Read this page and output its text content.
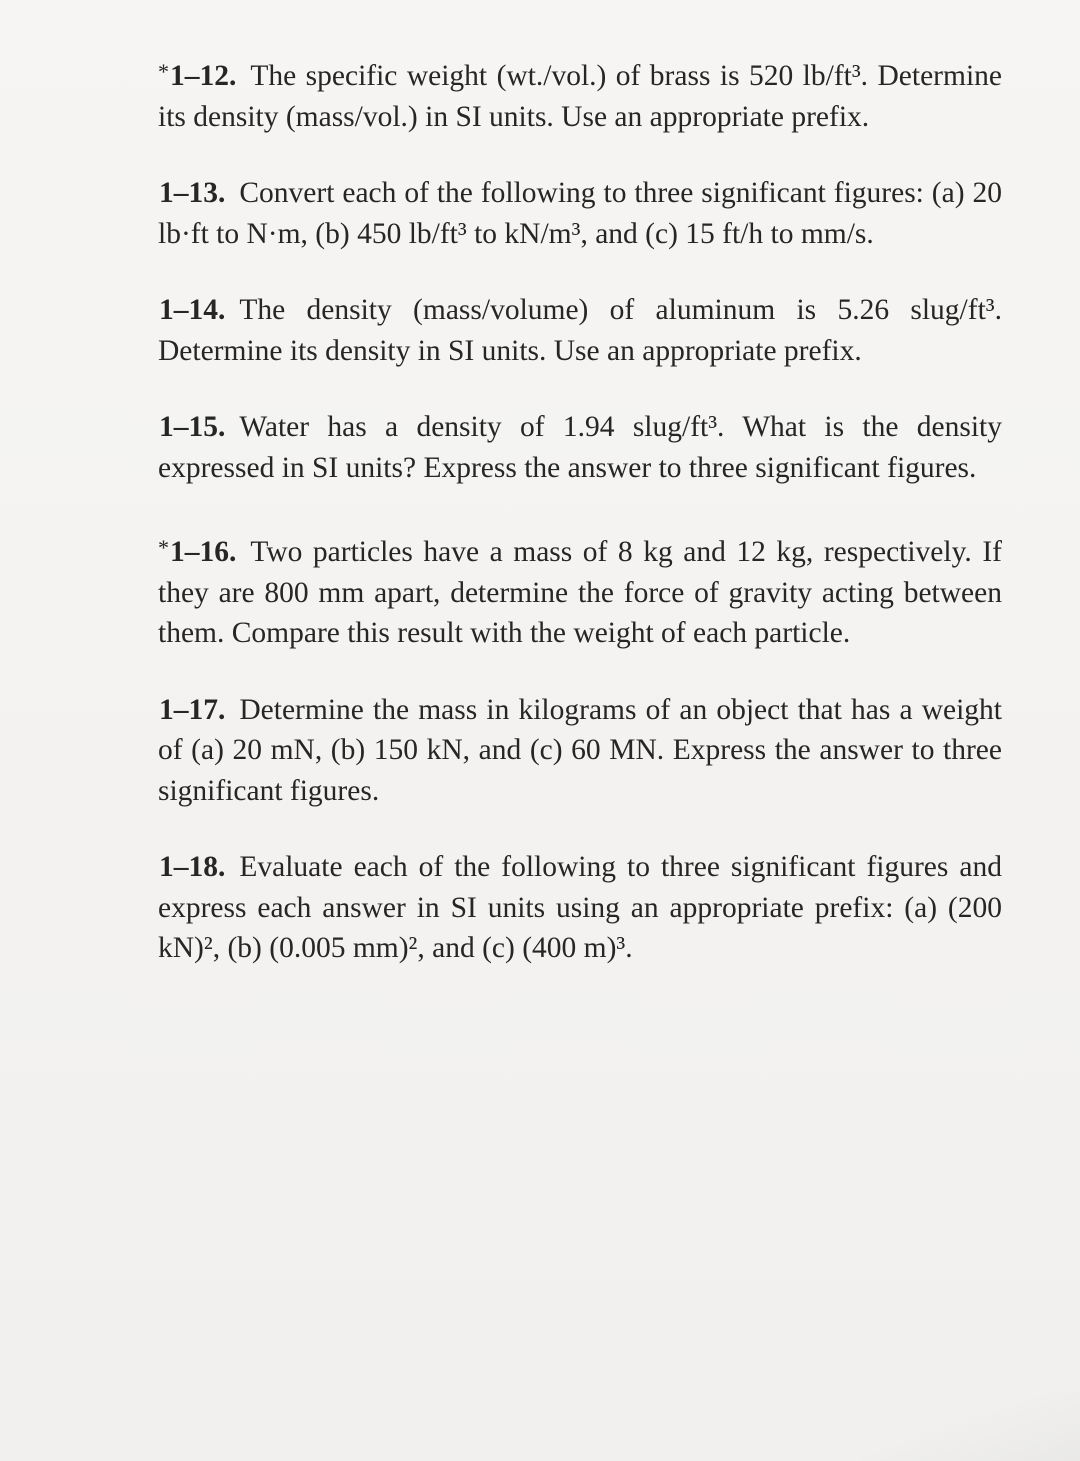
*1–12. The specific weight (wt./vol.) of brass is 520 lb/ft³. Determine its density (mass/vol.) in SI units. Use an appropriate prefix.

1–13. Convert each of the following to three significant figures: (a) 20 lb·ft to N·m, (b) 450 lb/ft³ to kN/m³, and (c) 15 ft/h to mm/s.

1–14. The density (mass/volume) of aluminum is 5.26 slug/ft³. Determine its density in SI units. Use an appropriate prefix.

1–15. Water has a density of 1.94 slug/ft³. What is the density expressed in SI units? Express the answer to three significant figures.

*1–16. Two particles have a mass of 8 kg and 12 kg, respectively. If they are 800 mm apart, determine the force of gravity acting between them. Compare this result with the weight of each particle.

1–17. Determine the mass in kilograms of an object that has a weight of (a) 20 mN, (b) 150 kN, and (c) 60 MN. Express the answer to three significant figures.

1–18. Evaluate each of the following to three significant figures and express each answer in SI units using an appropriate prefix: (a) (200 kN)², (b) (0.005 mm)², and (c) (400 m)³.
